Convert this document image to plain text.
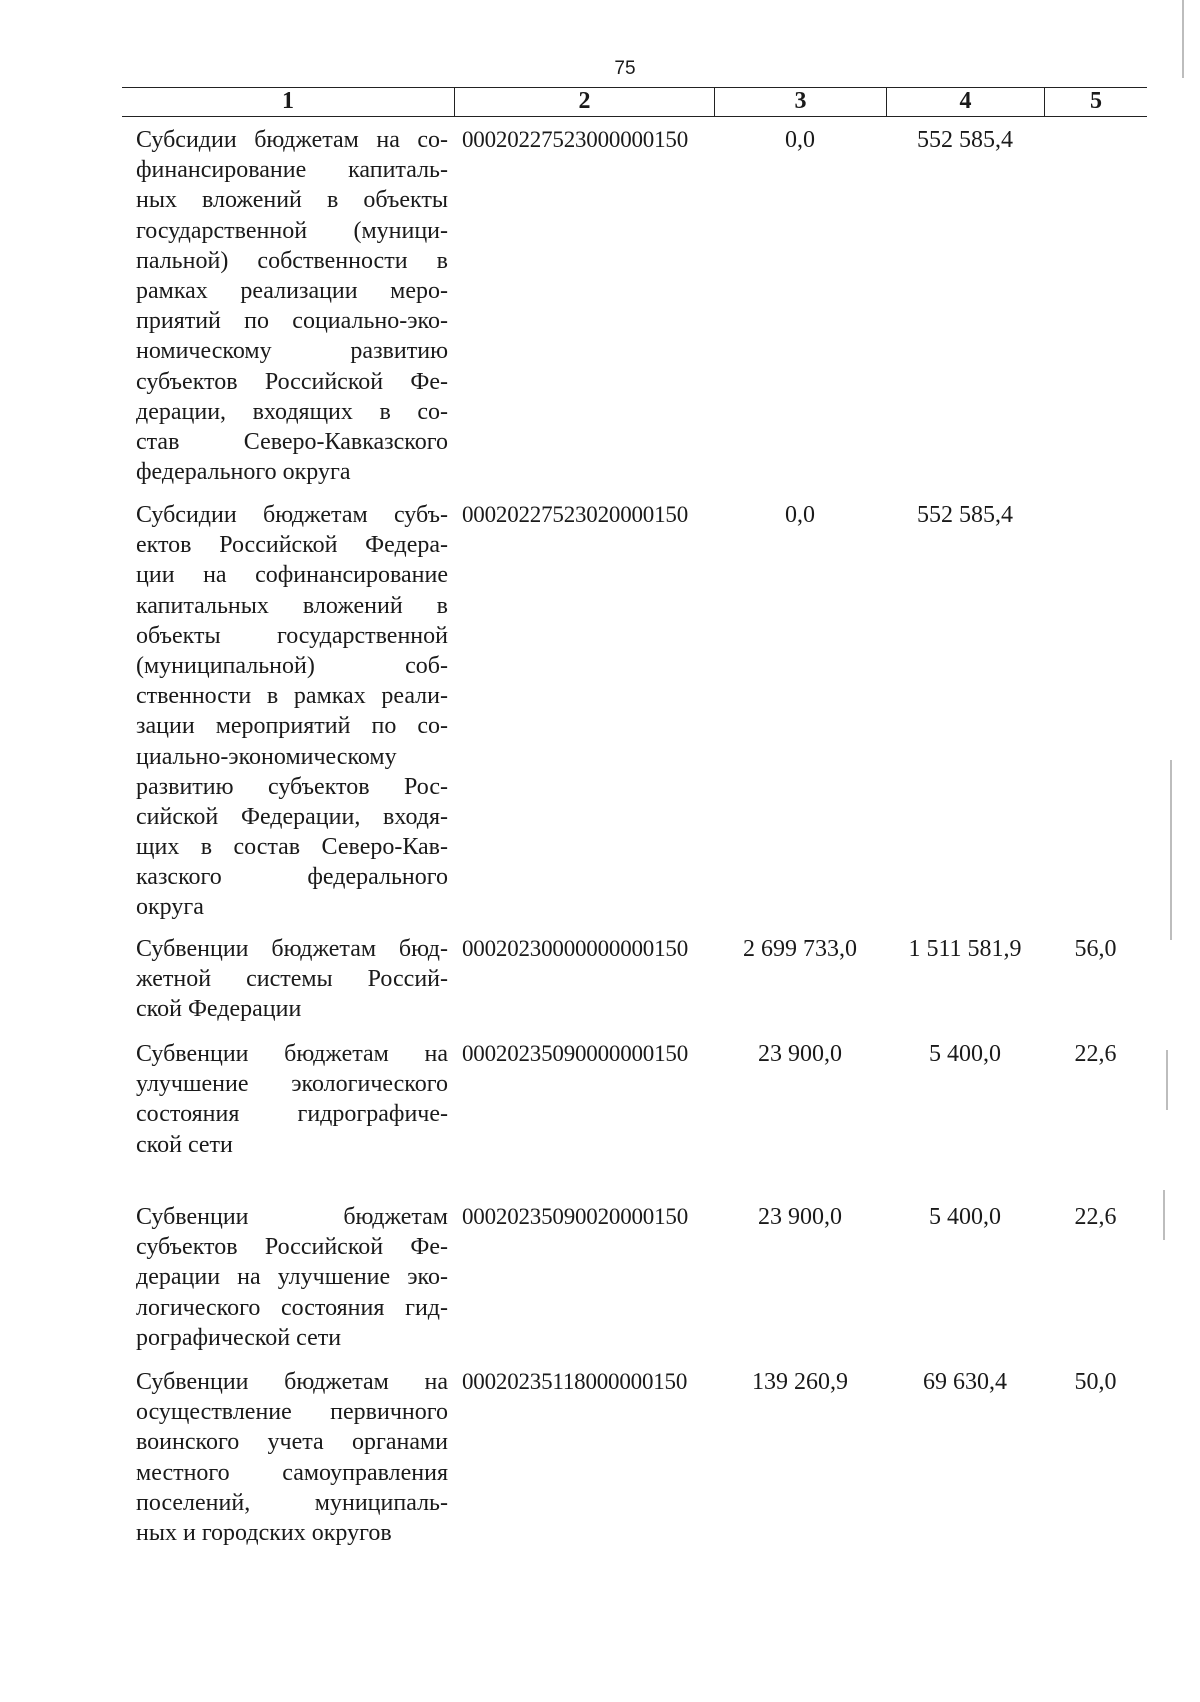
75
1	2	3	4	5
Субсидии бюджетам на со-
финансирование капиталь-
ных вложений в объекты
государственной (муници-
пальной) собственности в
рамках реализации меро-
приятий по социально-эко-
номическому развитию
субъектов Российской Фе-
дерации, входящих в со-
став Северо-Кавказского
федерального округа
00020227523000000150	0,0	552 585,4
Субсидии бюджетам субъ-
ектов Российской Федера-
ции на софинансирование
капитальных вложений в
объекты государственной
(муниципальной) соб-
ственности в рамках реали-
зации мероприятий по со-
циально-экономическому
развитию субъектов Рос-
сийской Федерации, входя-
щих в состав Северо-Кав-
казского федерального
округа
00020227523020000150	0,0	552 585,4
Субвенции бюджетам бюд-
жетной системы Россий-
ской Федерации
00020230000000000150	2 699 733,0	1 511 581,9	56,0
Субвенции бюджетам на
улучшение экологического
состояния гидрографиче-
ской сети
00020235090000000150	23 900,0	5 400,0	22,6
Субвенции бюджетам
субъектов Российской Фе-
дерации на улучшение эко-
логического состояния гид-
рографической сети
00020235090020000150	23 900,0	5 400,0	22,6
Субвенции бюджетам на
осуществление первичного
воинского учета органами
местного самоуправления
поселений, муниципаль-
ных и городских округов
00020235118000000150	139 260,9	69 630,4	50,0
